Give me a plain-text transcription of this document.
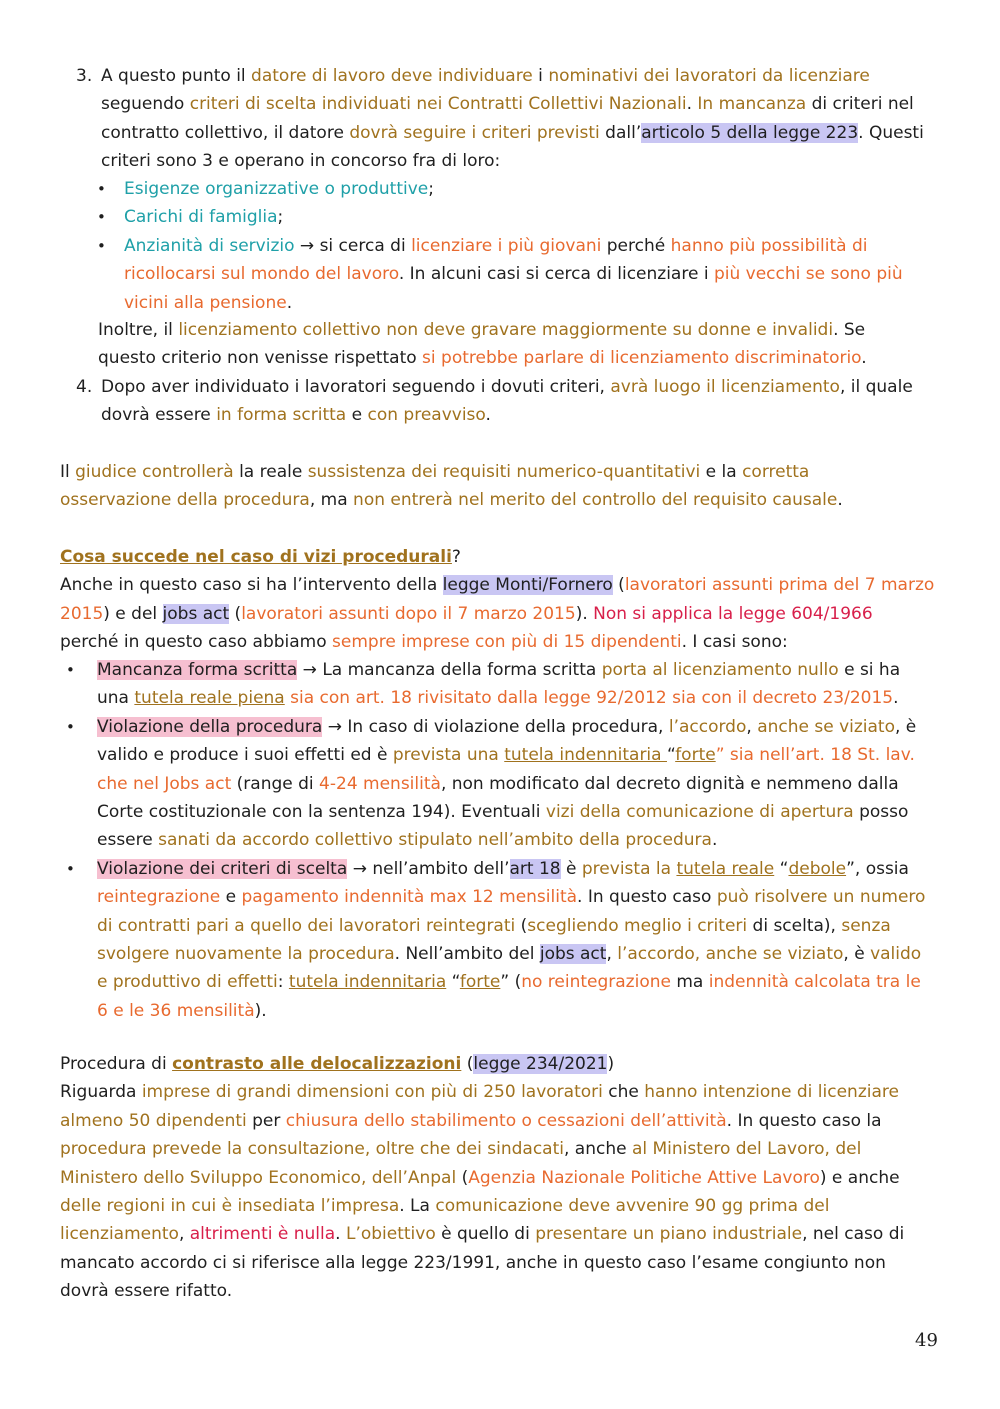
3. A questo punto il datore di lavoro deve individuare i nominativi dei lavoratori da licenziare seguendo criteri di scelta individuati nei Contratti Collettivi Nazionali. In mancanza di criteri nel contratto collettivo, il datore dovrà seguire i criteri previsti dall’articolo 5 della legge 223. Questi criteri sono 3 e operano in concorso fra di loro:
• Esigenze organizzative o produttive;
• Carichi di famiglia;
• Anzianità di servizio → si cerca di licenziare i più giovani perché hanno più possibilità di ricollocarsi sul mondo del lavoro. In alcuni casi si cerca di licenziare i più vecchi se sono più vicini alla pensione.
Inoltre, il licenziamento collettivo non deve gravare maggiormente su donne e invalidi. Se questo criterio non venisse rispettato si potrebbe parlare di licenziamento discriminatorio.
4. Dopo aver individuato i lavoratori seguendo i dovuti criteri, avrà luogo il licenziamento, il quale dovrà essere in forma scritta e con preavviso.
Il giudice controllerà la reale sussistenza dei requisiti numerico-quantitativi e la corretta osservazione della procedura, ma non entrerà nel merito del controllo del requisito causale.
Cosa succede nel caso di vizi procedurali?
Anche in questo caso si ha l’intervento della legge Monti/Fornero (lavoratori assunti prima del 7 marzo 2015) e del jobs act (lavoratori assunti dopo il 7 marzo 2015). Non si applica la legge 604/1966 perché in questo caso abbiamo sempre imprese con più di 15 dipendenti. I casi sono:
• Mancanza forma scritta → La mancanza della forma scritta porta al licenziamento nullo e si ha una tutela reale piena sia con art. 18 rivisitato dalla legge 92/2012 sia con il decreto 23/2015.
• Violazione della procedura → In caso di violazione della procedura, l’accordo, anche se viziato, è valido e produce i suoi effetti ed è prevista una tutela indennitaria “forte” sia nell’art. 18 St. lav. che nel Jobs act (range di 4-24 mensilità, non modificato dal decreto dignità e nemmeno dalla Corte costituzionale con la sentenza 194). Eventuali vizi della comunicazione di apertura posso essere sanati da accordo collettivo stipulato nell’ambito della procedura.
• Violazione dei criteri di scelta → nell’ambito dell’art 18 è prevista la tutela reale “debole”, ossia reintegrazione e pagamento indennità max 12 mensilità. In questo caso può risolvere un numero di contratti pari a quello dei lavoratori reintegrati (scegliendo meglio i criteri di scelta), senza svolgere nuovamente la procedura. Nell’ambito del jobs act, l’accordo, anche se viziato, è valido e produttivo di effetti: tutela indennitaria “forte” (no reintegrazione ma indennità calcolata tra le 6 e le 36 mensilità).
Procedura di contrasto alle delocalizzazioni (legge 234/2021)
Riguarda imprese di grandi dimensioni con più di 250 lavoratori che hanno intenzione di licenziare almeno 50 dipendenti per chiusura dello stabilimento o cessazioni dell’attività. In questo caso la procedura prevede la consultazione, oltre che dei sindacati, anche al Ministero del Lavoro, del Ministero dello Sviluppo Economico, dell’Anpal (Agenzia Nazionale Politiche Attive Lavoro) e anche delle regioni in cui è insediata l’impresa. La comunicazione deve avvenire 90 gg prima del licenziamento, altrimenti è nulla. L’obiettivo è quello di presentare un piano industriale, nel caso di mancato accordo ci si riferisce alla legge 223/1991, anche in questo caso l’esame congiunto non dovrà essere rifatto.
49
